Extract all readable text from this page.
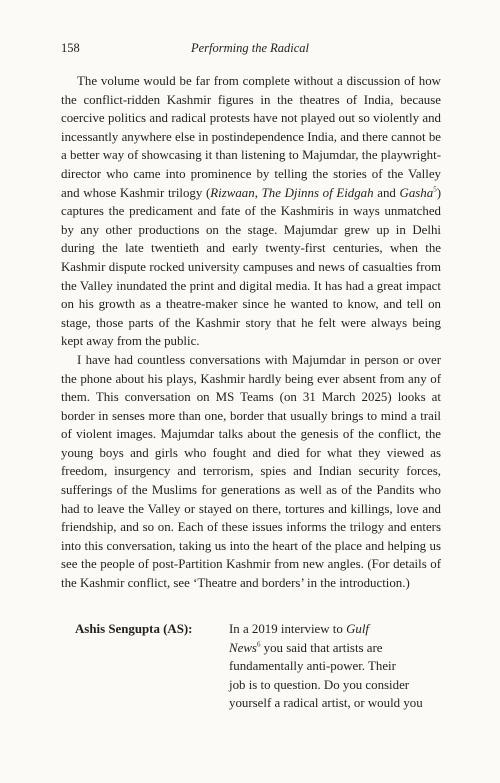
158	Performing the Radical

The volume would be far from complete without a discussion of how the conflict-ridden Kashmir figures in the theatres of India, because coercive politics and radical protests have not played out so violently and incessantly anywhere else in postindependence India, and there cannot be a better way of showcasing it than listening to Majumdar, the playwright-director who came into prominence by telling the stories of the Valley and whose Kashmir trilogy (Rizwaan, The Djinns of Eidgah and Gasha$^5$) captures the predicament and fate of the Kashmiris in ways unmatched by any other productions on the stage. Majumdar grew up in Delhi during the late twentieth and early twenty-first centuries, when the Kashmir dispute rocked university campuses and news of casualties from the Valley inundated the print and digital media. It has had a great impact on his growth as a theatre-maker since he wanted to know, and tell on stage, those parts of the Kashmir story that he felt were always being kept away from the public.

I have had countless conversations with Majumdar in person or over the phone about his plays, Kashmir hardly being ever absent from any of them. This conversation on MS Teams (on 31 March 2025) looks at border in senses more than one, border that usually brings to mind a trail of violent images. Majumdar talks about the genesis of the conflict, the young boys and girls who fought and died for what they viewed as freedom, insurgency and terrorism, spies and Indian security forces, sufferings of the Muslims for generations as well as of the Pandits who had to leave the Valley or stayed on there, tortures and killings, love and friendship, and so on. Each of these issues informs the trilogy and enters into this conversation, taking us into the heart of the place and helping us see the people of post-Partition Kashmir from new angles. (For details of the Kashmir conflict, see ‘Theatre and borders’ in the introduction.)

Ashis Sengupta (AS):	In a 2019 interview to Gulf
News$^6$ you said that artists are
fundamentally anti-power. Their
job is to question. Do you consider
yourself a radical artist, or would you
